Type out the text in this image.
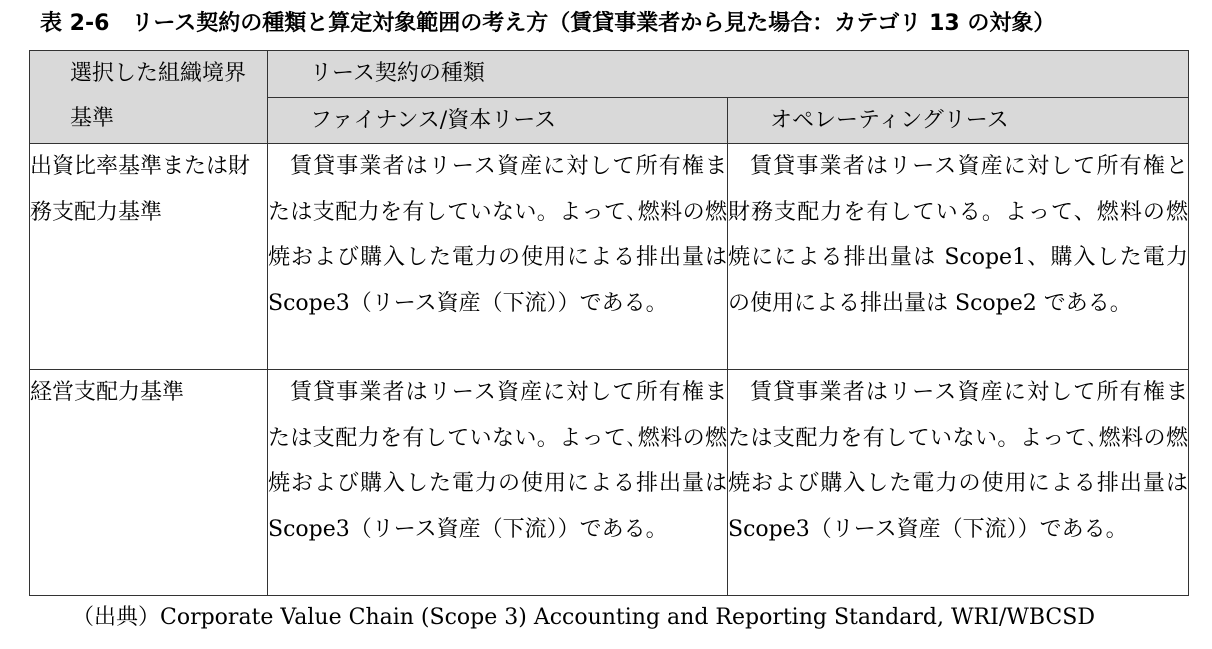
表 2-6　リース契約の種類と算定対象範囲の考え方（賃貸事業者から見た場合：カテゴリ 13 の対象）
選択した組織境界基準	リース契約の種類	

	ファイナンス/資本リース	オペレーティングリース

出資比率基準または財務支配力基準	賃貸事業者はリース資産に対して所有権または支配力を有していない。よって､燃料の燃焼および購入した電力の使用による排出量は Scope3（リース資産（下流））である。	賃貸事業者はリース資産に対して所有権と財務支配力を有している。よって、燃料の燃焼にによる排出量は Scope1、購入した電力の使用による排出量は Scope2 である。

経営支配力基準	賃貸事業者はリース資産に対して所有権または支配力を有していない。よって､燃料の燃焼および購入した電力の使用による排出量は Scope3（リース資産（下流））である。	賃貸事業者はリース資産に対して所有権または支配力を有していない。よって､燃料の燃焼および購入した電力の使用による排出量は Scope3（リース資産（下流））である。
（出典）Corporate Value Chain (Scope 3) Accounting and Reporting Standard, WRI/WBCSD
